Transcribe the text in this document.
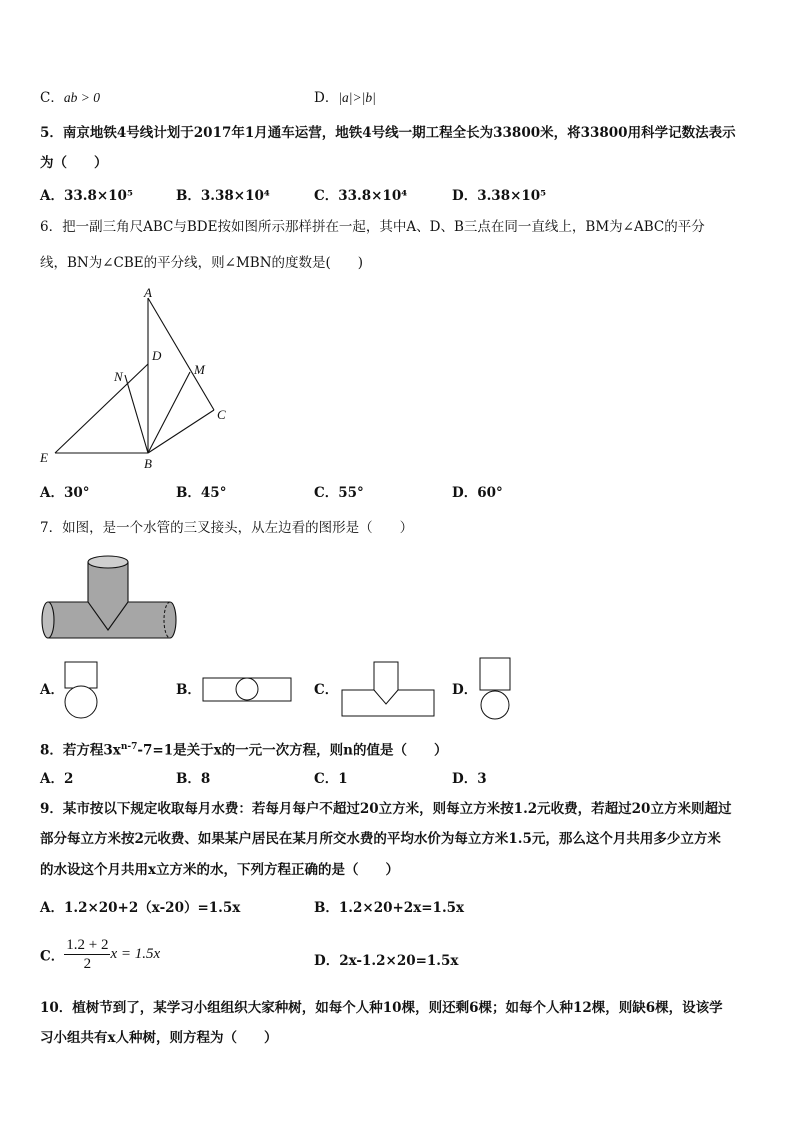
C．ab > 0	D．|a|>|b|
5．南京地铁4号线计划于2017年1月通车运营，地铁4号线一期工程全长为33800米，将33800用科学记数法表示
为（　　）
A．33.8×10⁵	B．3.38×10⁴	C．33.8×10⁴	D．3.38×10⁵
6．把一副三角尺ABC与BDE按如图所示那样拼在一起，其中A、D、B三点在同一直线上，BM为∠ABC的平分
线，BN为∠CBE的平分线，则∠MBN的度数是(　　)
A
D
N	M
C
E	B
A．30°	B．45°	C．55°	D．60°
7．如图，是一个水管的三叉接头，从左边看的图形是（　　）
A．	B．	C．	D．
8．若方程$3x^{n-7}-7=1$是关于x的一元一次方程，则n的值是（　　）
A．2	B．8	C．1	D．3
9．某市按以下规定收取每月水费：若每月每户不超过20立方米，则每立方米按1.2元收费，若超过20立方米则超过
部分每立方米按2元收费、如果某户居民在某月所交水费的平均水价为每立方米1.5元，那么这个月共用多少立方米
的水设这个月共用x立方米的水，下列方程正确的是（　　）
A．1.2×20+2（x-20）=1.5x	B．1.2×20+2x=1.5x
C． $\frac{1.2 + 2}{2}$ x = 1.5x	D．2x-1.2×20=1.5x
10．植树节到了，某学习小组组织大家种树，如每个人种10棵，则还剩6棵；如每个人种12棵，则缺6棵，设该学
习小组共有x人种树，则方程为（　　）
